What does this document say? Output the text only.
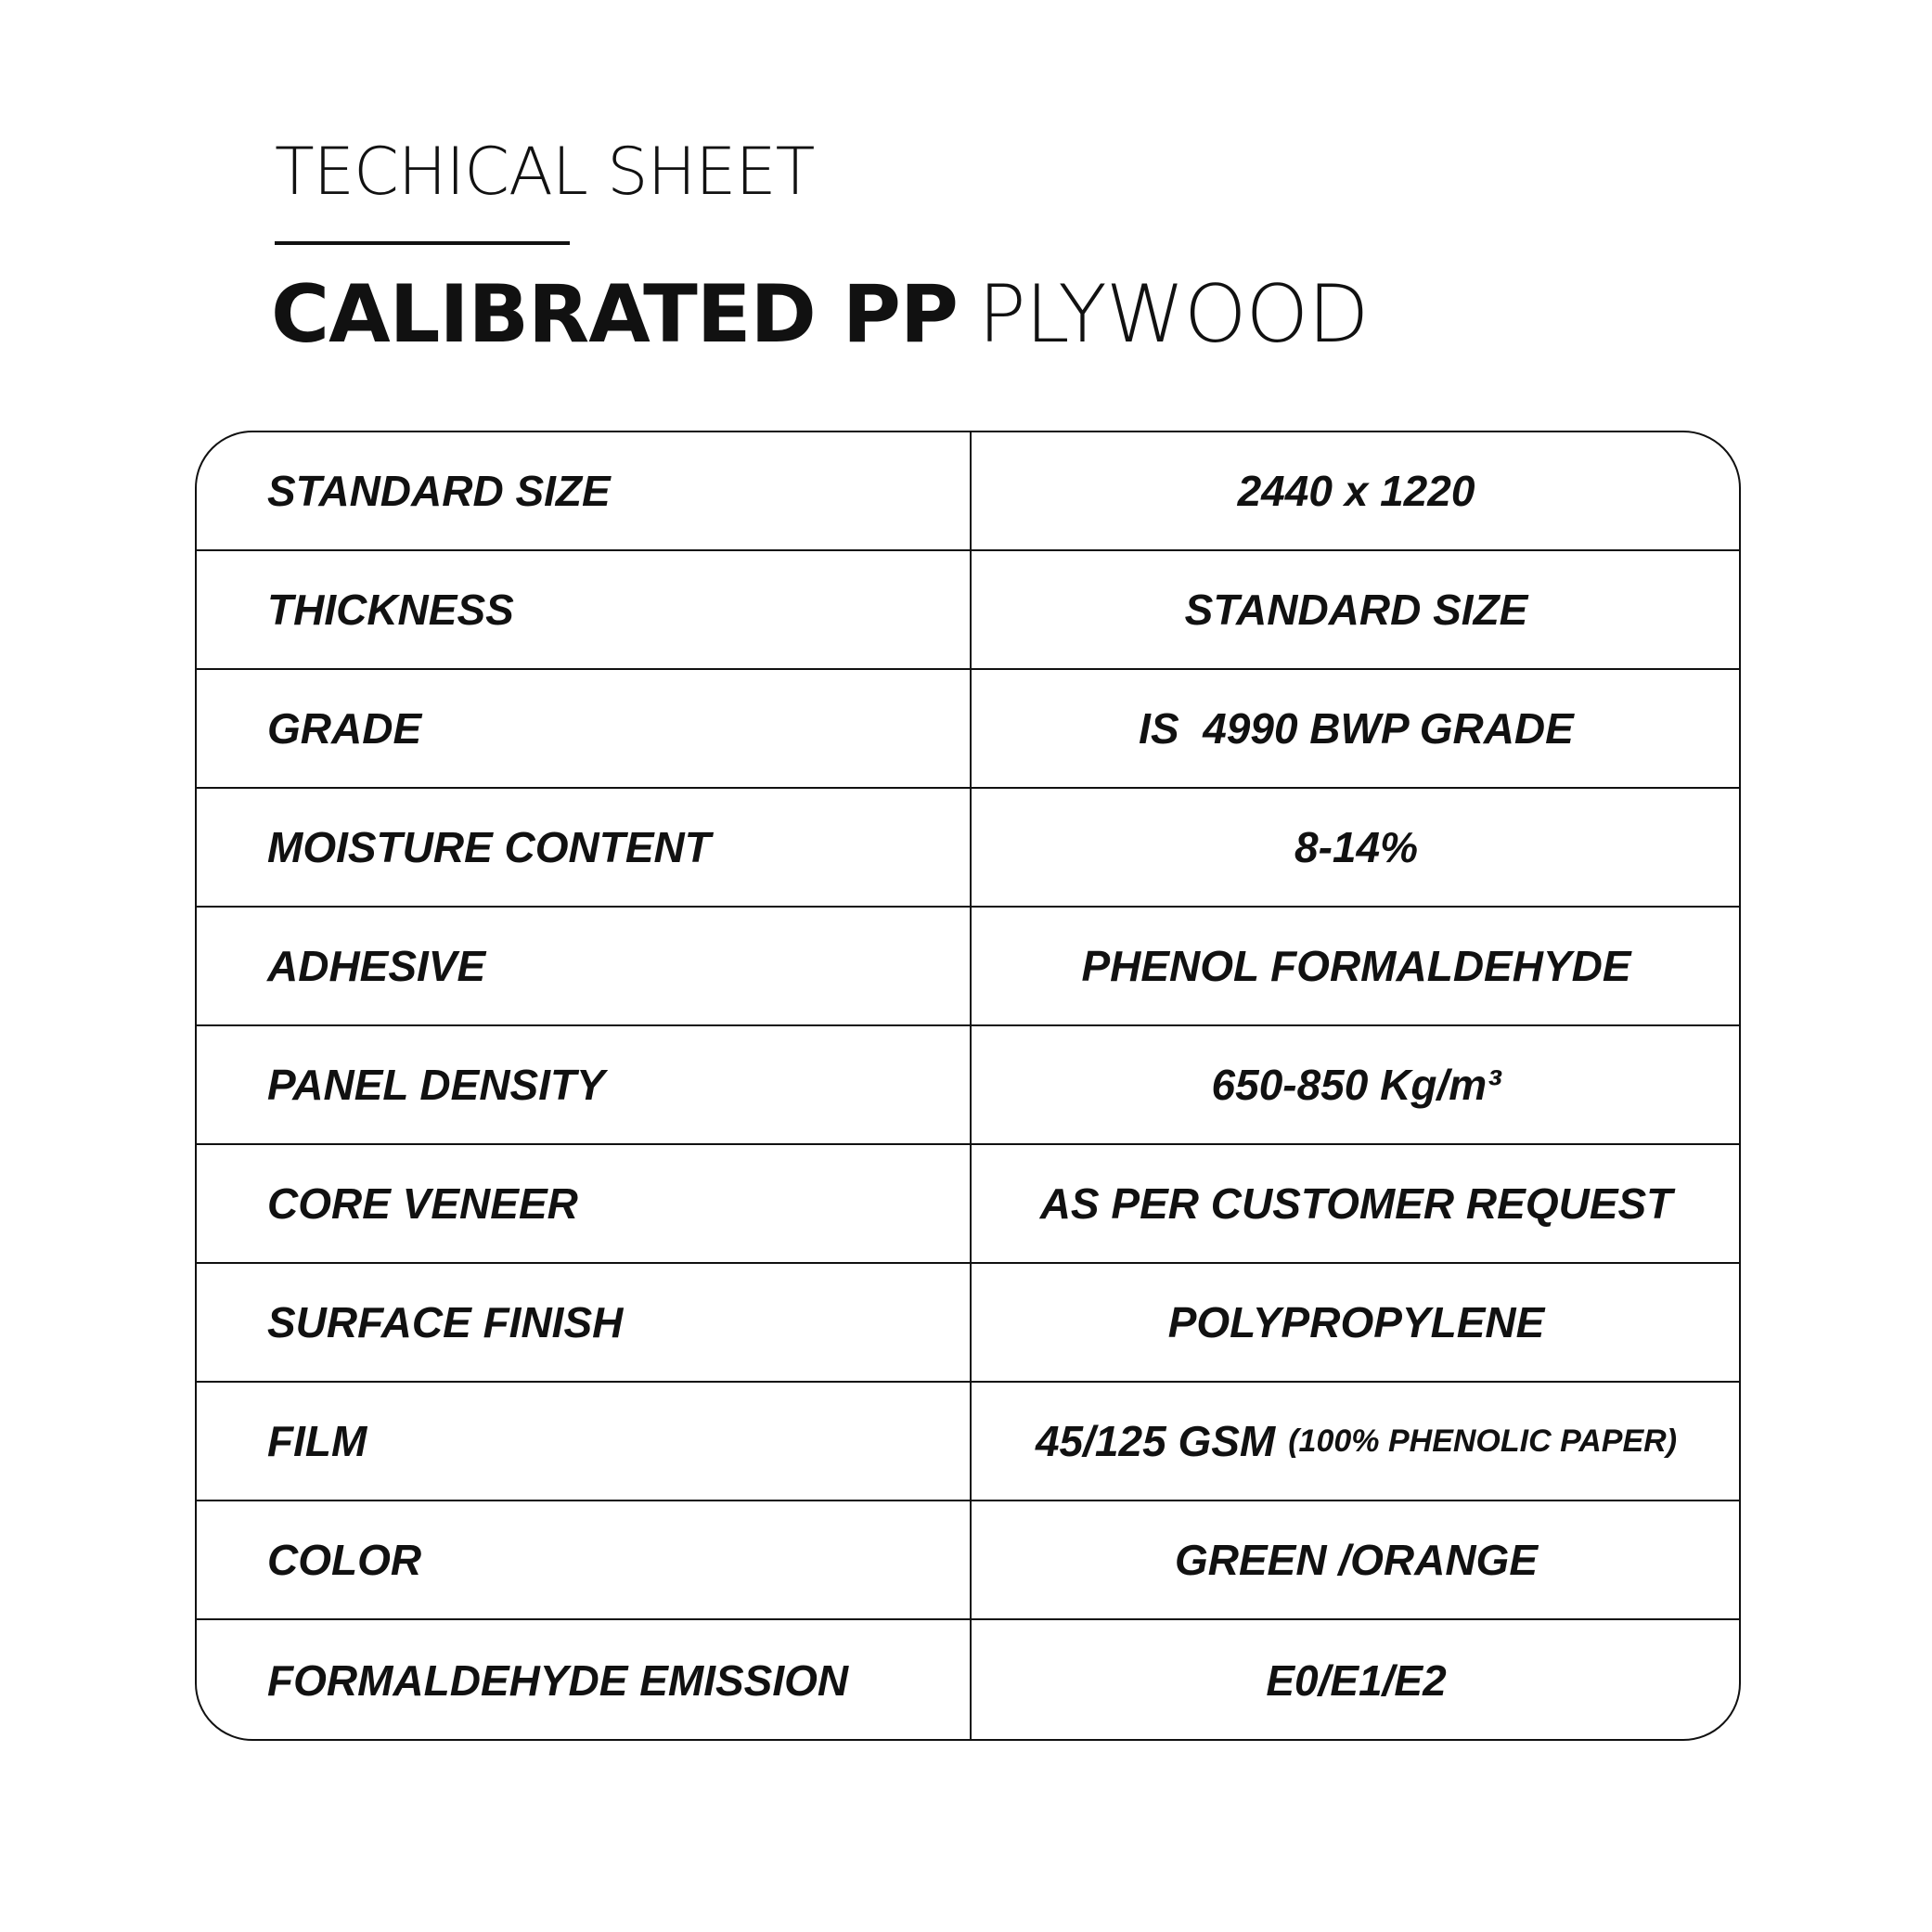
TECHICAL SHEET
CALIBRATED PP PLYWOOD
FORMALDEHYDE EMISSION	E0/E1/E2
COLOR	GREEN /ORANGE
FILM	45/125 GSM (100% PHENOLIC PAPER)
SURFACE FINISH	POLYPROPYLENE
CORE VENEER	AS PER CUSTOMER REQUEST
PANEL DENSITY	650-850 Kg/m³
ADHESIVE	PHENOL FORMALDEHYDE
MOISTURE CONTENT	8-14%
GRADE	IS  4990 BWP GRADE
THICKNESS	STANDARD SIZE
STANDARD SIZE	2440 x 1220
